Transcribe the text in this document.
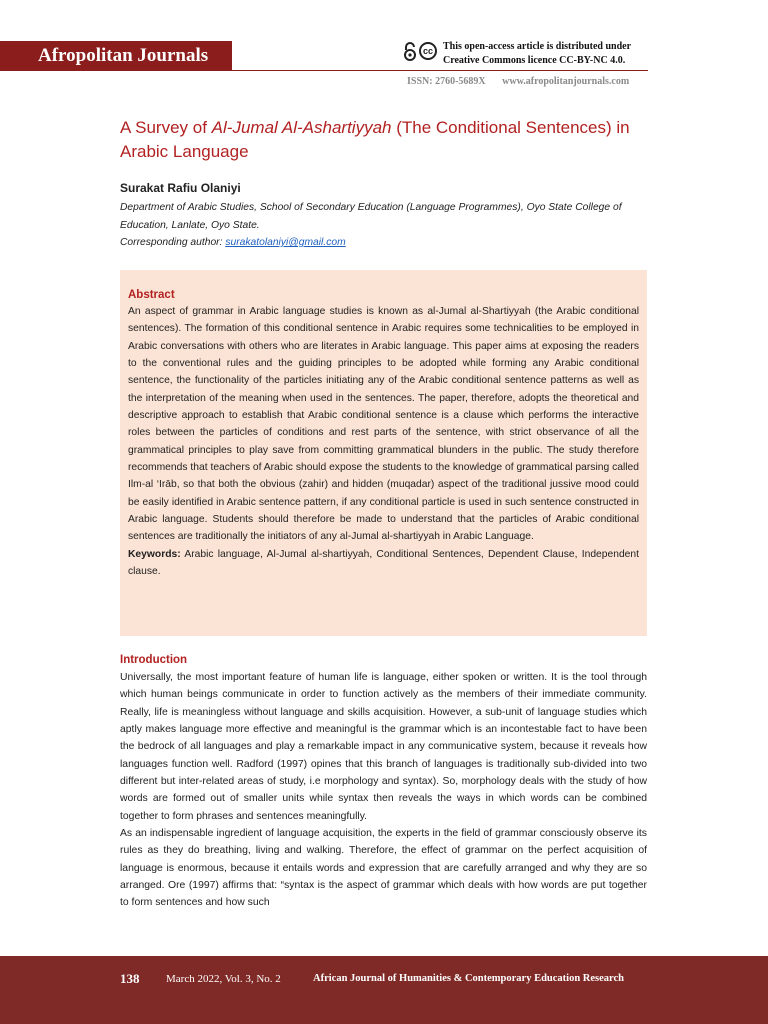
Afropolitan Journals	cc	This open-access article is distributed under
Creative Commons licence CC-BY-NC 4.0.
ISSN: 2760-5689X www.afropolitanjournals.com
A Survey of Al-Jumal Al-Ashartiyyah (The Conditional Sentences) in Arabic Language
Surakat Rafiu Olaniyi
Department of Arabic Studies, School of Secondary Education (Language Programmes), Oyo State College of Education, Lanlate, Oyo State.
Corresponding author: surakatolaniyi@gmail.com
Abstract
An aspect of grammar in Arabic language studies is known as al-Jumal al-Shartiyyah (the Arabic conditional sentences). The formation of this conditional sentence in Arabic requires some technicalities to be employed in Arabic conversations with others who are literates in Arabic language. This paper aims at exposing the readers to the conventional rules and the guiding principles to be adopted while forming any Arabic conditional sentence, the functionality of the particles initiating any of the Arabic conditional sentence patterns as well as the interpretation of the meaning when used in the sentences. The paper, therefore, adopts the theoretical and descriptive approach to establish that Arabic conditional sentence is a clause which performs the interactive roles between the particles of conditions and rest parts of the sentence, with strict observance of all the grammatical principles to play save from committing grammatical blunders in the public. The study therefore recommends that teachers of Arabic should expose the students to the knowledge of grammatical parsing called Ilm-al ‘Irāb, so that both the obvious (zahir) and hidden (muqadar) aspect of the traditional jussive mood could be easily identified in Arabic sentence pattern, if any conditional particle is used in such sentence constructed in Arabic language. Students should therefore be made to understand that the particles of Arabic conditional sentences are traditionally the initiators of any al-Jumal al-shartiyyah in Arabic Language.
Keywords: Arabic language, Al-Jumal al-shartiyyah, Conditional Sentences, Dependent Clause, Independent clause.
Introduction

Universally, the most important feature of human life is language, either spoken or written. It is the tool through which human beings communicate in order to function actively as the members of their immediate community. Really, life is meaningless without language and skills acquisition. However, a sub-unit of language studies which aptly makes language more effective and meaningful is the grammar which is an incontestable fact to have been the bedrock of all languages and play a remarkable impact in any communicative system, because it reveals how languages function well. Radford (1997) opines that this branch of languages is traditionally sub-divided into two different but inter-related areas of study, i.e morphology and syntax). So, morphology deals with the study of how words are formed out of smaller units while syntax then reveals the ways in which words can be combined together to form phrases and sentences meaningfully.

As an indispensable ingredient of language acquisition, the experts in the field of grammar consciously observe its rules as they do breathing, living and walking. Therefore, the effect of grammar on the perfect acquisition of language is enormous, because it entails words and expression that are carefully arranged and why they are so arranged. Ore (1997) affirms that: “syntax is the aspect of grammar which deals with how words are put together to form sentences and how such

138 March 2022, Vol. 3, No. 2	African Journal of Humanities & Contemporary Education Research
